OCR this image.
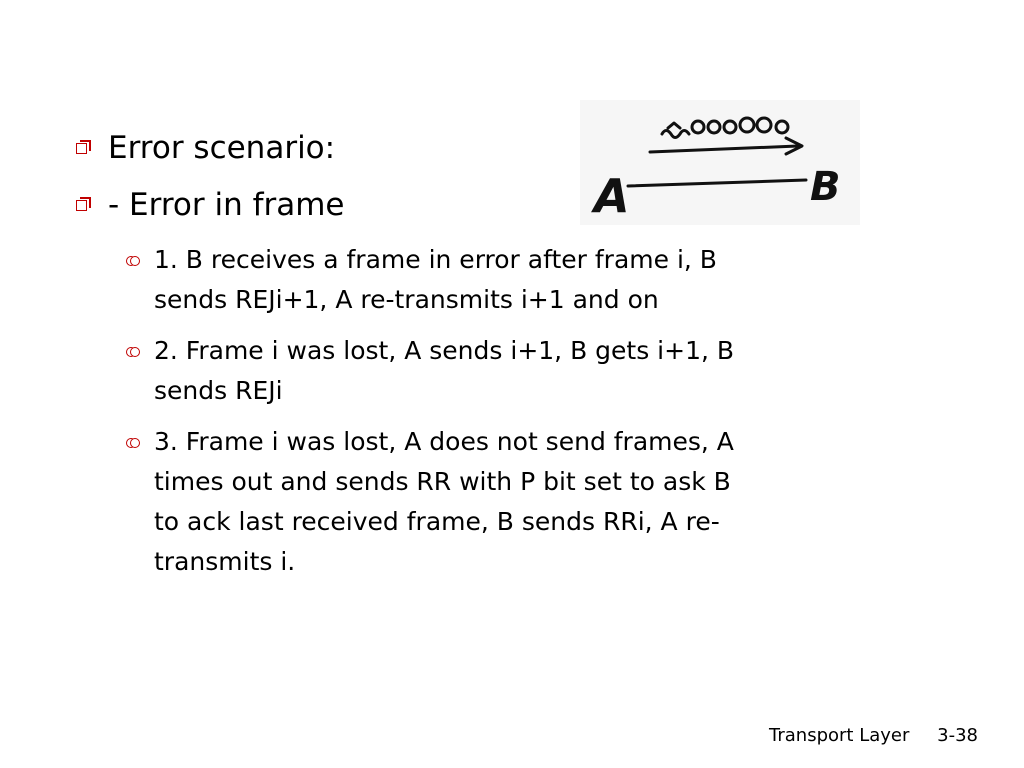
Error scenario:
- Error in frame
1. B receives a frame in error after frame i, B
sends REJi+1, A re-transmits i+1 and on
2. Frame i was lost, A sends i+1, B gets i+1, B
sends REJi
3. Frame i was lost, A does not send frames, A
times out and sends RR with P bit set to ask B
to ack last received frame, B sends RRi, A re-
transmits i.
A	B
Transport Layer 3-38
